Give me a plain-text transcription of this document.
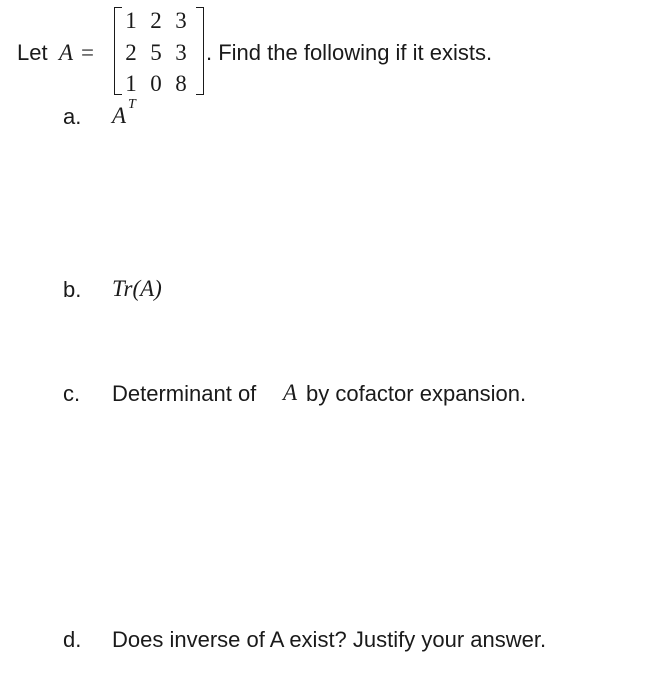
Let A =
1 2 3
2 5 3
1 0 8
. Find the following if it exists.
a. A T
b. Tr(A)
c. Determinant of A by cofactor expansion.
d. Does inverse of A exist? Justify your answer.
